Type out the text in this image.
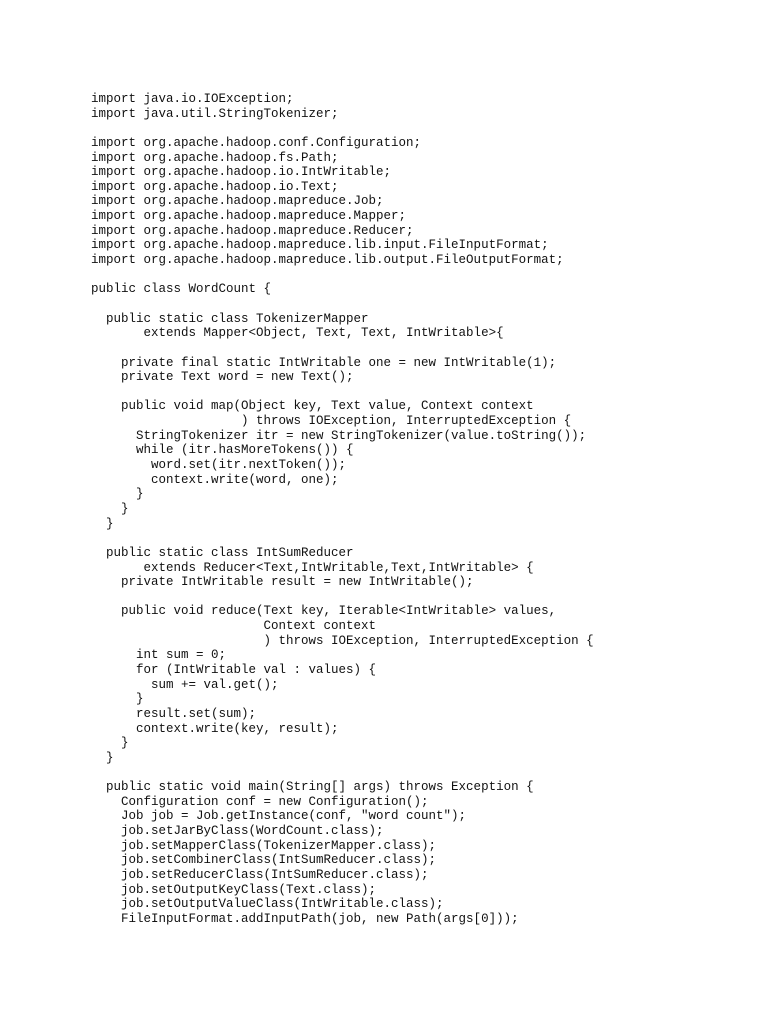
import java.io.IOException;
import java.util.StringTokenizer;
import org.apache.hadoop.conf.Configuration;
import org.apache.hadoop.fs.Path;
import org.apache.hadoop.io.IntWritable;
import org.apache.hadoop.io.Text;
import org.apache.hadoop.mapreduce.Job;
import org.apache.hadoop.mapreduce.Mapper;
import org.apache.hadoop.mapreduce.Reducer;
import org.apache.hadoop.mapreduce.lib.input.FileInputFormat;
import org.apache.hadoop.mapreduce.lib.output.FileOutputFormat;
public class WordCount {
public static class TokenizerMapper
extends Mapper<Object, Text, Text, IntWritable>{
private final static IntWritable one = new IntWritable(1);
private Text word = new Text();
public void map(Object key, Text value, Context context
) throws IOException, InterruptedException {
StringTokenizer itr = new StringTokenizer(value.toString());
while (itr.hasMoreTokens()) {
word.set(itr.nextToken());
context.write(word, one);
}
}
}
public static class IntSumReducer
extends Reducer<Text,IntWritable,Text,IntWritable> {
private IntWritable result = new IntWritable();
public void reduce(Text key, Iterable<IntWritable> values,
Context context
) throws IOException, InterruptedException {
int sum = 0;
for (IntWritable val : values) {
sum += val.get();
}
result.set(sum);
context.write(key, result);
}
}
public static void main(String[] args) throws Exception {
Configuration conf = new Configuration();
Job job = Job.getInstance(conf, "word count");
job.setJarByClass(WordCount.class);
job.setMapperClass(TokenizerMapper.class);
job.setCombinerClass(IntSumReducer.class);
job.setReducerClass(IntSumReducer.class);
job.setOutputKeyClass(Text.class);
job.setOutputValueClass(IntWritable.class);
FileInputFormat.addInputPath(job, new Path(args[0]));
